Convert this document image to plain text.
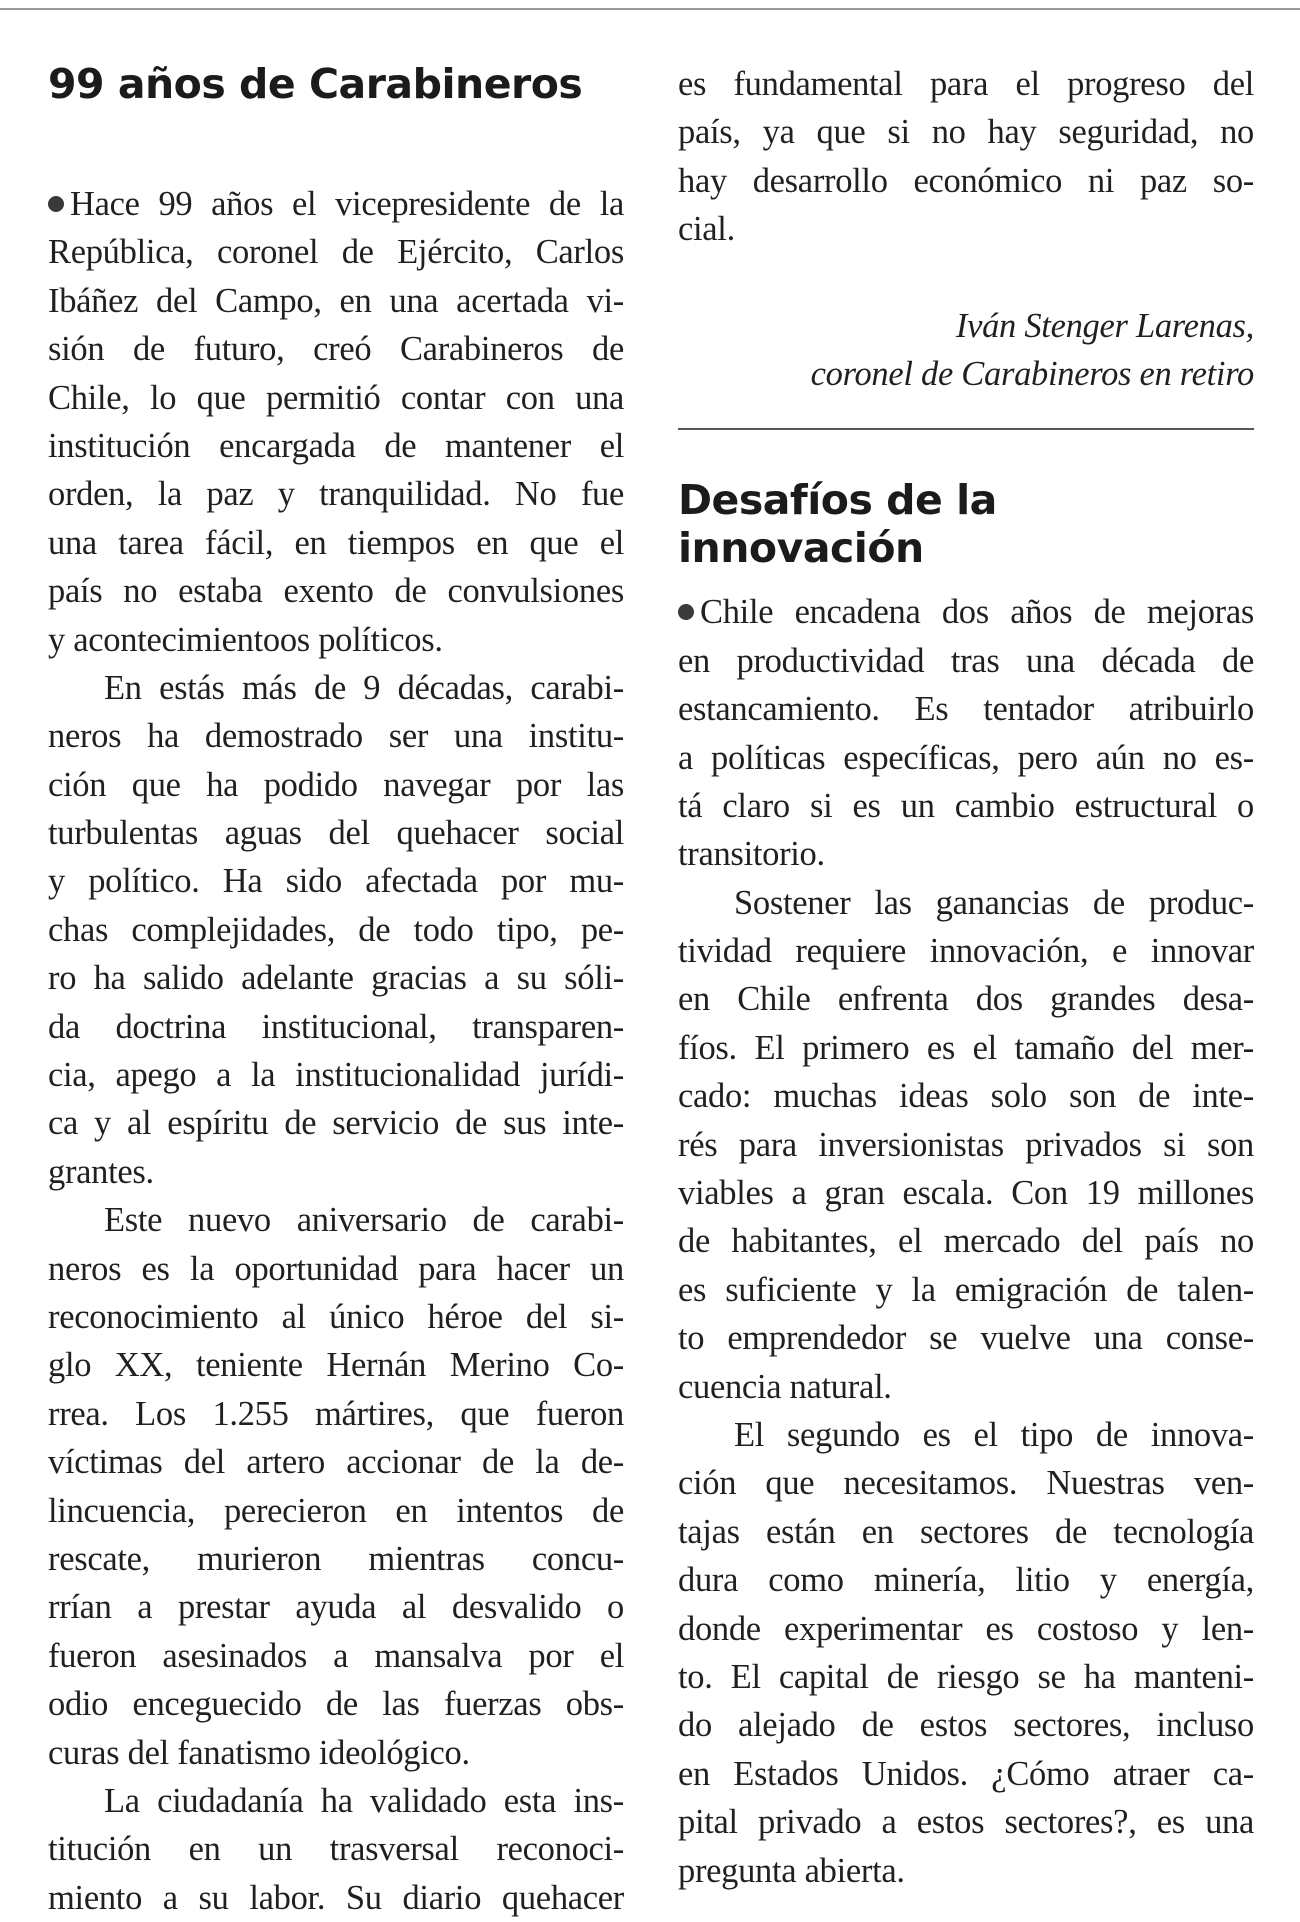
99 años de Carabineros
Hace 99 años el vicepresidente de la
República, coronel de Ejército, Carlos
Ibáñez del Campo, en una acertada vi-
sión de futuro, creó Carabineros de
Chile, lo que permitió contar con una
institución encargada de mantener el
orden, la paz y tranquilidad. No fue
una tarea fácil, en tiempos en que el
país no estaba exento de convulsiones
y acontecimientoos políticos.
En estás más de 9 décadas, carabi-
neros ha demostrado ser una institu-
ción que ha podido navegar por las
turbulentas aguas del quehacer social
y político. Ha sido afectada por mu-
chas complejidades, de todo tipo, pe-
ro ha salido adelante gracias a su sóli-
da doctrina institucional, transparen-
cia, apego a la institucionalidad jurídi-
ca y al espíritu de servicio de sus inte-
grantes.
Este nuevo aniversario de carabi-
neros es la oportunidad para hacer un
reconocimiento al único héroe del si-
glo XX, teniente Hernán Merino Co-
rrea. Los 1.255 mártires, que fueron
víctimas del artero accionar de la de-
lincuencia, perecieron en intentos de
rescate, murieron mientras concu-
rrían a prestar ayuda al desvalido o
fueron asesinados a mansalva por el
odio enceguecido de las fuerzas obs-
curas del fanatismo ideológico.
La ciudadanía ha validado esta ins-
titución en un trasversal reconoci-
miento a su labor. Su diario quehacer
es fundamental para el progreso del
país, ya que si no hay seguridad, no
hay desarrollo económico ni paz so-
cial.
Iván Stenger Larenas,
coronel de Carabineros en retiro
Desafíos de la innovación
Chile encadena dos años de mejoras
en productividad tras una década de
estancamiento. Es tentador atribuirlo
a políticas específicas, pero aún no es-
tá claro si es un cambio estructural o
transitorio.
Sostener las ganancias de produc-
tividad requiere innovación, e innovar
en Chile enfrenta dos grandes desa-
fíos. El primero es el tamaño del mer-
cado: muchas ideas solo son de inte-
rés para inversionistas privados si son
viables a gran escala. Con 19 millones
de habitantes, el mercado del país no
es suficiente y la emigración de talen-
to emprendedor se vuelve una conse-
cuencia natural.
El segundo es el tipo de innova-
ción que necesitamos. Nuestras ven-
tajas están en sectores de tecnología
dura como minería, litio y energía,
donde experimentar es costoso y len-
to. El capital de riesgo se ha manteni-
do alejado de estos sectores, incluso
en Estados Unidos. ¿Cómo atraer ca-
pital privado a estos sectores?, es una
pregunta abierta.
